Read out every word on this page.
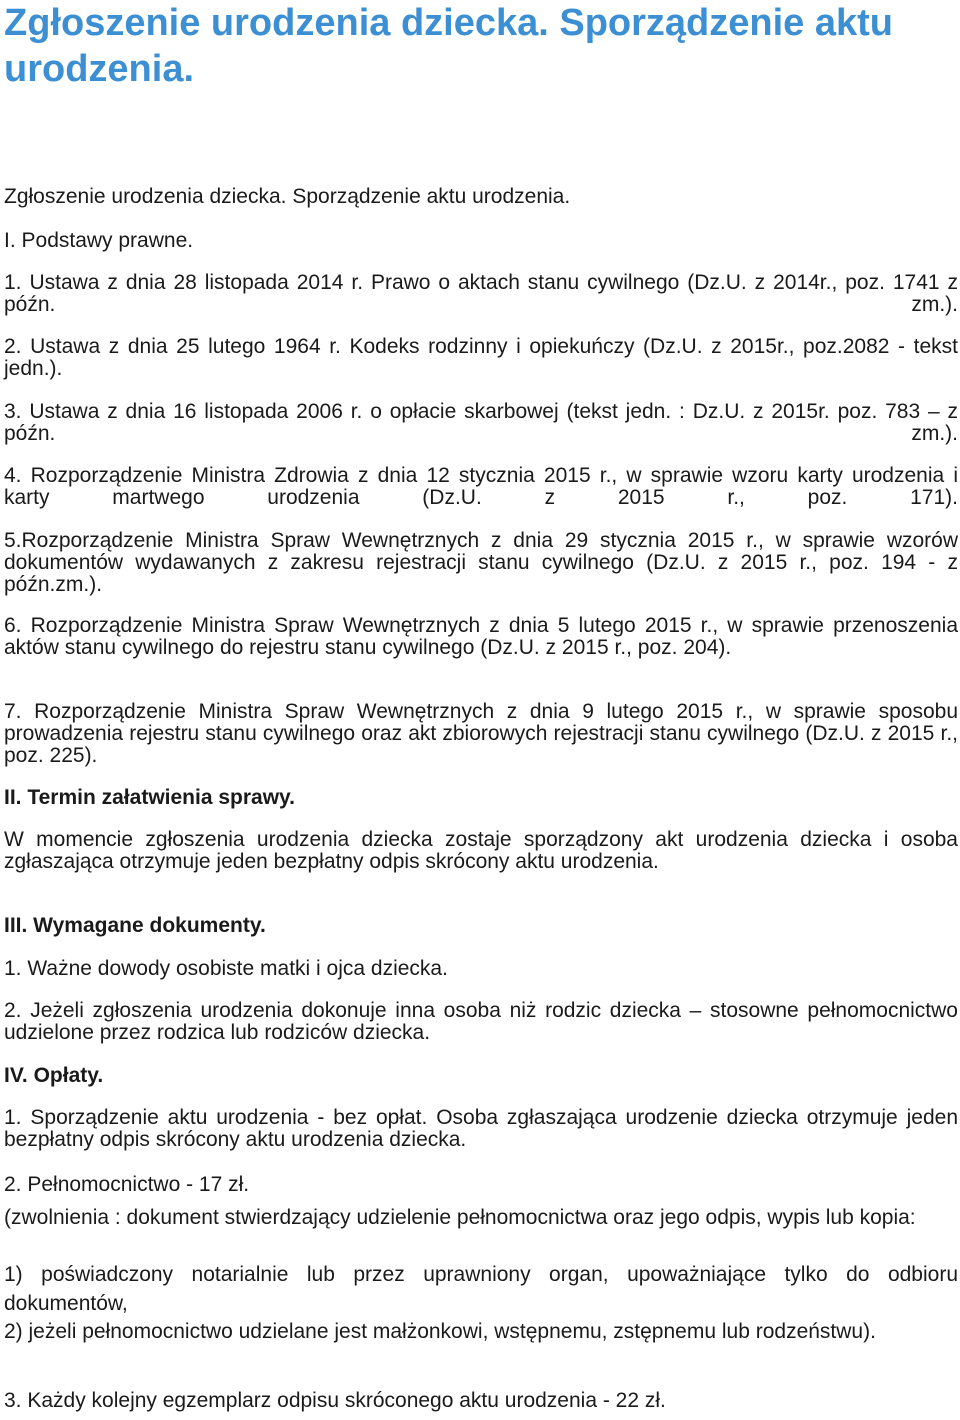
Zgłoszenie urodzenia dziecka. Sporządzenie aktu urodzenia.

Zgłoszenie urodzenia dziecka. Sporządzenie aktu urodzenia.

I. Podstawy prawne.

1. Ustawa z dnia 28 listopada 2014 r. Prawo o aktach stanu cywilnego (Dz.U. z 2014r., poz. 1741 z późn. zm.).

2. Ustawa z dnia 25 lutego 1964 r. Kodeks rodzinny i opiekuńczy (Dz.U. z 2015r., poz.2082 - tekst jedn.).

3. Ustawa z dnia 16 listopada 2006 r. o opłacie skarbowej (tekst jedn. : Dz.U. z 2015r. poz. 783 – z późn. zm.).

4. Rozporządzenie Ministra Zdrowia z dnia 12 stycznia 2015 r., w sprawie wzoru karty urodzenia i karty martwego urodzenia (Dz.U. z 2015 r., poz. 171).

5.Rozporządzenie Ministra Spraw Wewnętrznych z dnia 29 stycznia 2015 r., w sprawie wzorów dokumentów wydawanych z zakresu rejestracji stanu cywilnego (Dz.U. z 2015 r., poz. 194 - z późn.zm.).

6. Rozporządzenie Ministra Spraw Wewnętrznych z dnia 5 lutego 2015 r., w sprawie przenoszenia aktów stanu cywilnego do rejestru stanu cywilnego (Dz.U. z 2015 r., poz. 204).

7. Rozporządzenie Ministra Spraw Wewnętrznych z dnia 9 lutego 2015 r., w sprawie sposobu prowadzenia rejestru stanu cywilnego oraz akt zbiorowych rejestracji stanu cywilnego (Dz.U. z 2015 r., poz. 225).

II. Termin załatwienia sprawy.

W momencie zgłoszenia urodzenia dziecka zostaje sporządzony akt urodzenia dziecka i osoba zgłaszająca otrzymuje jeden bezpłatny odpis skrócony aktu urodzenia.

III. Wymagane dokumenty.

1. Ważne dowody osobiste matki i ojca dziecka.

2. Jeżeli zgłoszenia urodzenia dokonuje inna osoba niż rodzic dziecka – stosowne pełnomocnictwo udzielone przez rodzica lub rodziców dziecka.

IV. Opłaty.

1. Sporządzenie aktu urodzenia - bez opłat. Osoba zgłaszająca urodzenie dziecka otrzymuje jeden bezpłatny odpis skrócony aktu urodzenia dziecka.

2. Pełnomocnictwo - 17 zł.

(zwolnienia : dokument stwierdzający udzielenie pełnomocnictwa oraz jego odpis, wypis lub kopia:

1) poświadczony notarialnie lub przez uprawniony organ, upoważniające tylko do odbioru dokumentów,

2) jeżeli pełnomocnictwo udzielane jest małżonkowi, wstępnemu, zstępnemu lub rodzeństwu).

3. Każdy kolejny egzemplarz odpisu skróconego aktu urodzenia - 22 zł.
